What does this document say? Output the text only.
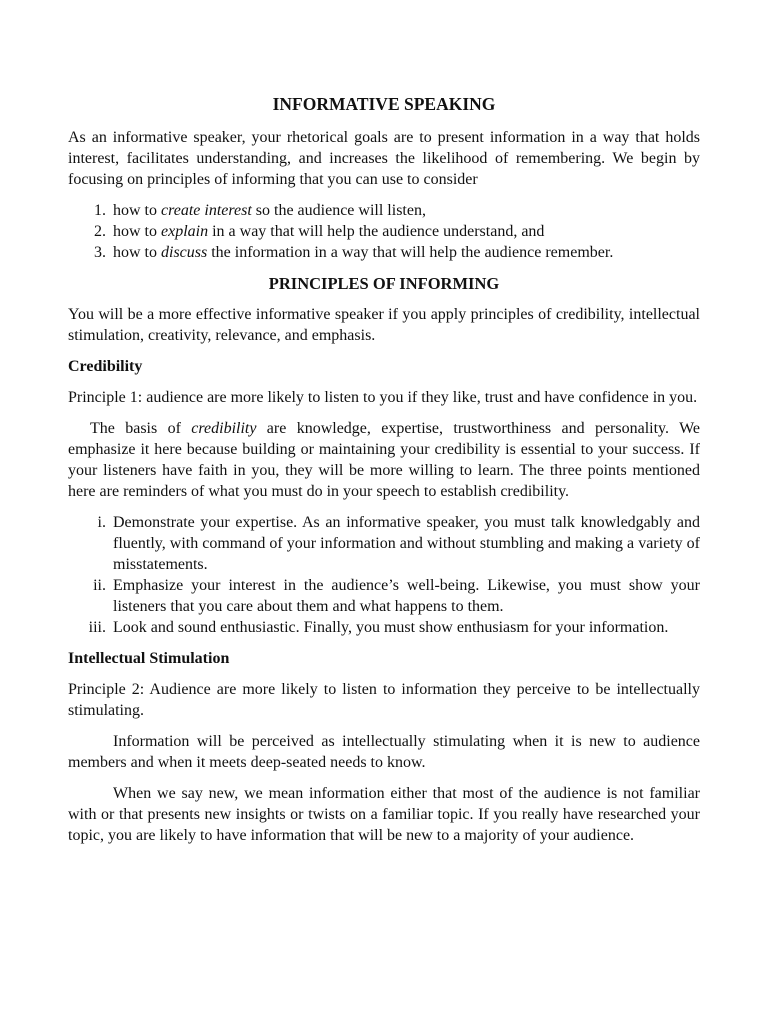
INFORMATIVE SPEAKING

As an informative speaker, your rhetorical goals are to present information in a way that holds interest, facilitates understanding, and increases the likelihood of remembering. We begin by focusing on principles of informing that you can use to consider

1. how to create interest so the audience will listen,
2. how to explain in a way that will help the audience understand, and
3. how to discuss the information in a way that will help the audience remember.
PRINCIPLES OF INFORMING

You will be a more effective informative speaker if you apply principles of credibility, intellectual stimulation, creativity, relevance, and emphasis.

Credibility

Principle 1: audience are more likely to listen to you if they like, trust and have confidence in you.

The basis of credibility are knowledge, expertise, trustworthiness and personality. We emphasize it here because building or maintaining your credibility is essential to your success. If your listeners have faith in you, they will be more willing to learn. The three points mentioned here are reminders of what you must do in your speech to establish credibility.

i. Demonstrate your expertise. As an informative speaker, you must talk knowledgably and fluently, with command of your information and without stumbling and making a variety of misstatements.
ii. Emphasize your interest in the audience’s well-being. Likewise, you must show your listeners that you care about them and what happens to them.
iii. Look and sound enthusiastic. Finally, you must show enthusiasm for your information.
Intellectual Stimulation

Principle 2: Audience are more likely to listen to information they perceive to be intellectually stimulating.

Information will be perceived as intellectually stimulating when it is new to audience members and when it meets deep-seated needs to know.

When we say new, we mean information either that most of the audience is not familiar with or that presents new insights or twists on a familiar topic. If you really have researched your topic, you are likely to have information that will be new to a majority of your audience.
